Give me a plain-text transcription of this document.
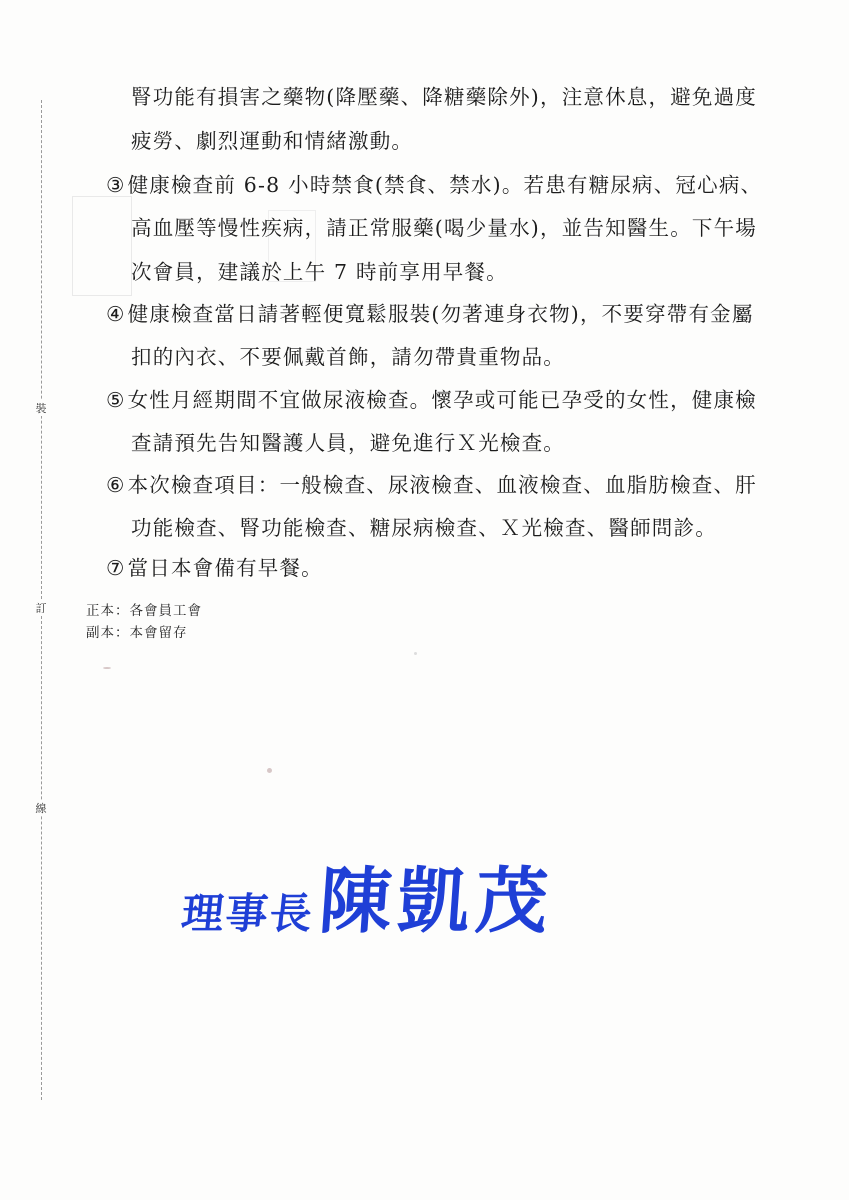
裝
訂
線
腎功能有損害之藥物(降壓藥、降糖藥除外)，注意休息，避免過度
疲勞、劇烈運動和情緒激動。
③健康檢查前 6-8 小時禁食(禁食、禁水)。若患有糖尿病、冠心病、
高血壓等慢性疾病，請正常服藥(喝少量水)，並告知醫生。下午場
次會員，建議於上午 7 時前享用早餐。
④健康檢查當日請著輕便寬鬆服裝(勿著連身衣物)，不要穿帶有金屬
扣的內衣、不要佩戴首飾，請勿帶貴重物品。
⑤女性月經期間不宜做尿液檢查。懷孕或可能已孕受的女性，健康檢
查請預先告知醫護人員，避免進行Ｘ光檢查。
⑥本次檢查項目：一般檢查、尿液檢查、血液檢查、血脂肪檢查、肝
功能檢查、腎功能檢查、糖尿病檢查、Ｘ光檢查、醫師問診。
⑦當日本會備有早餐。
正本：各會員工會
副本：本會留存
理事長 陳凱茂
